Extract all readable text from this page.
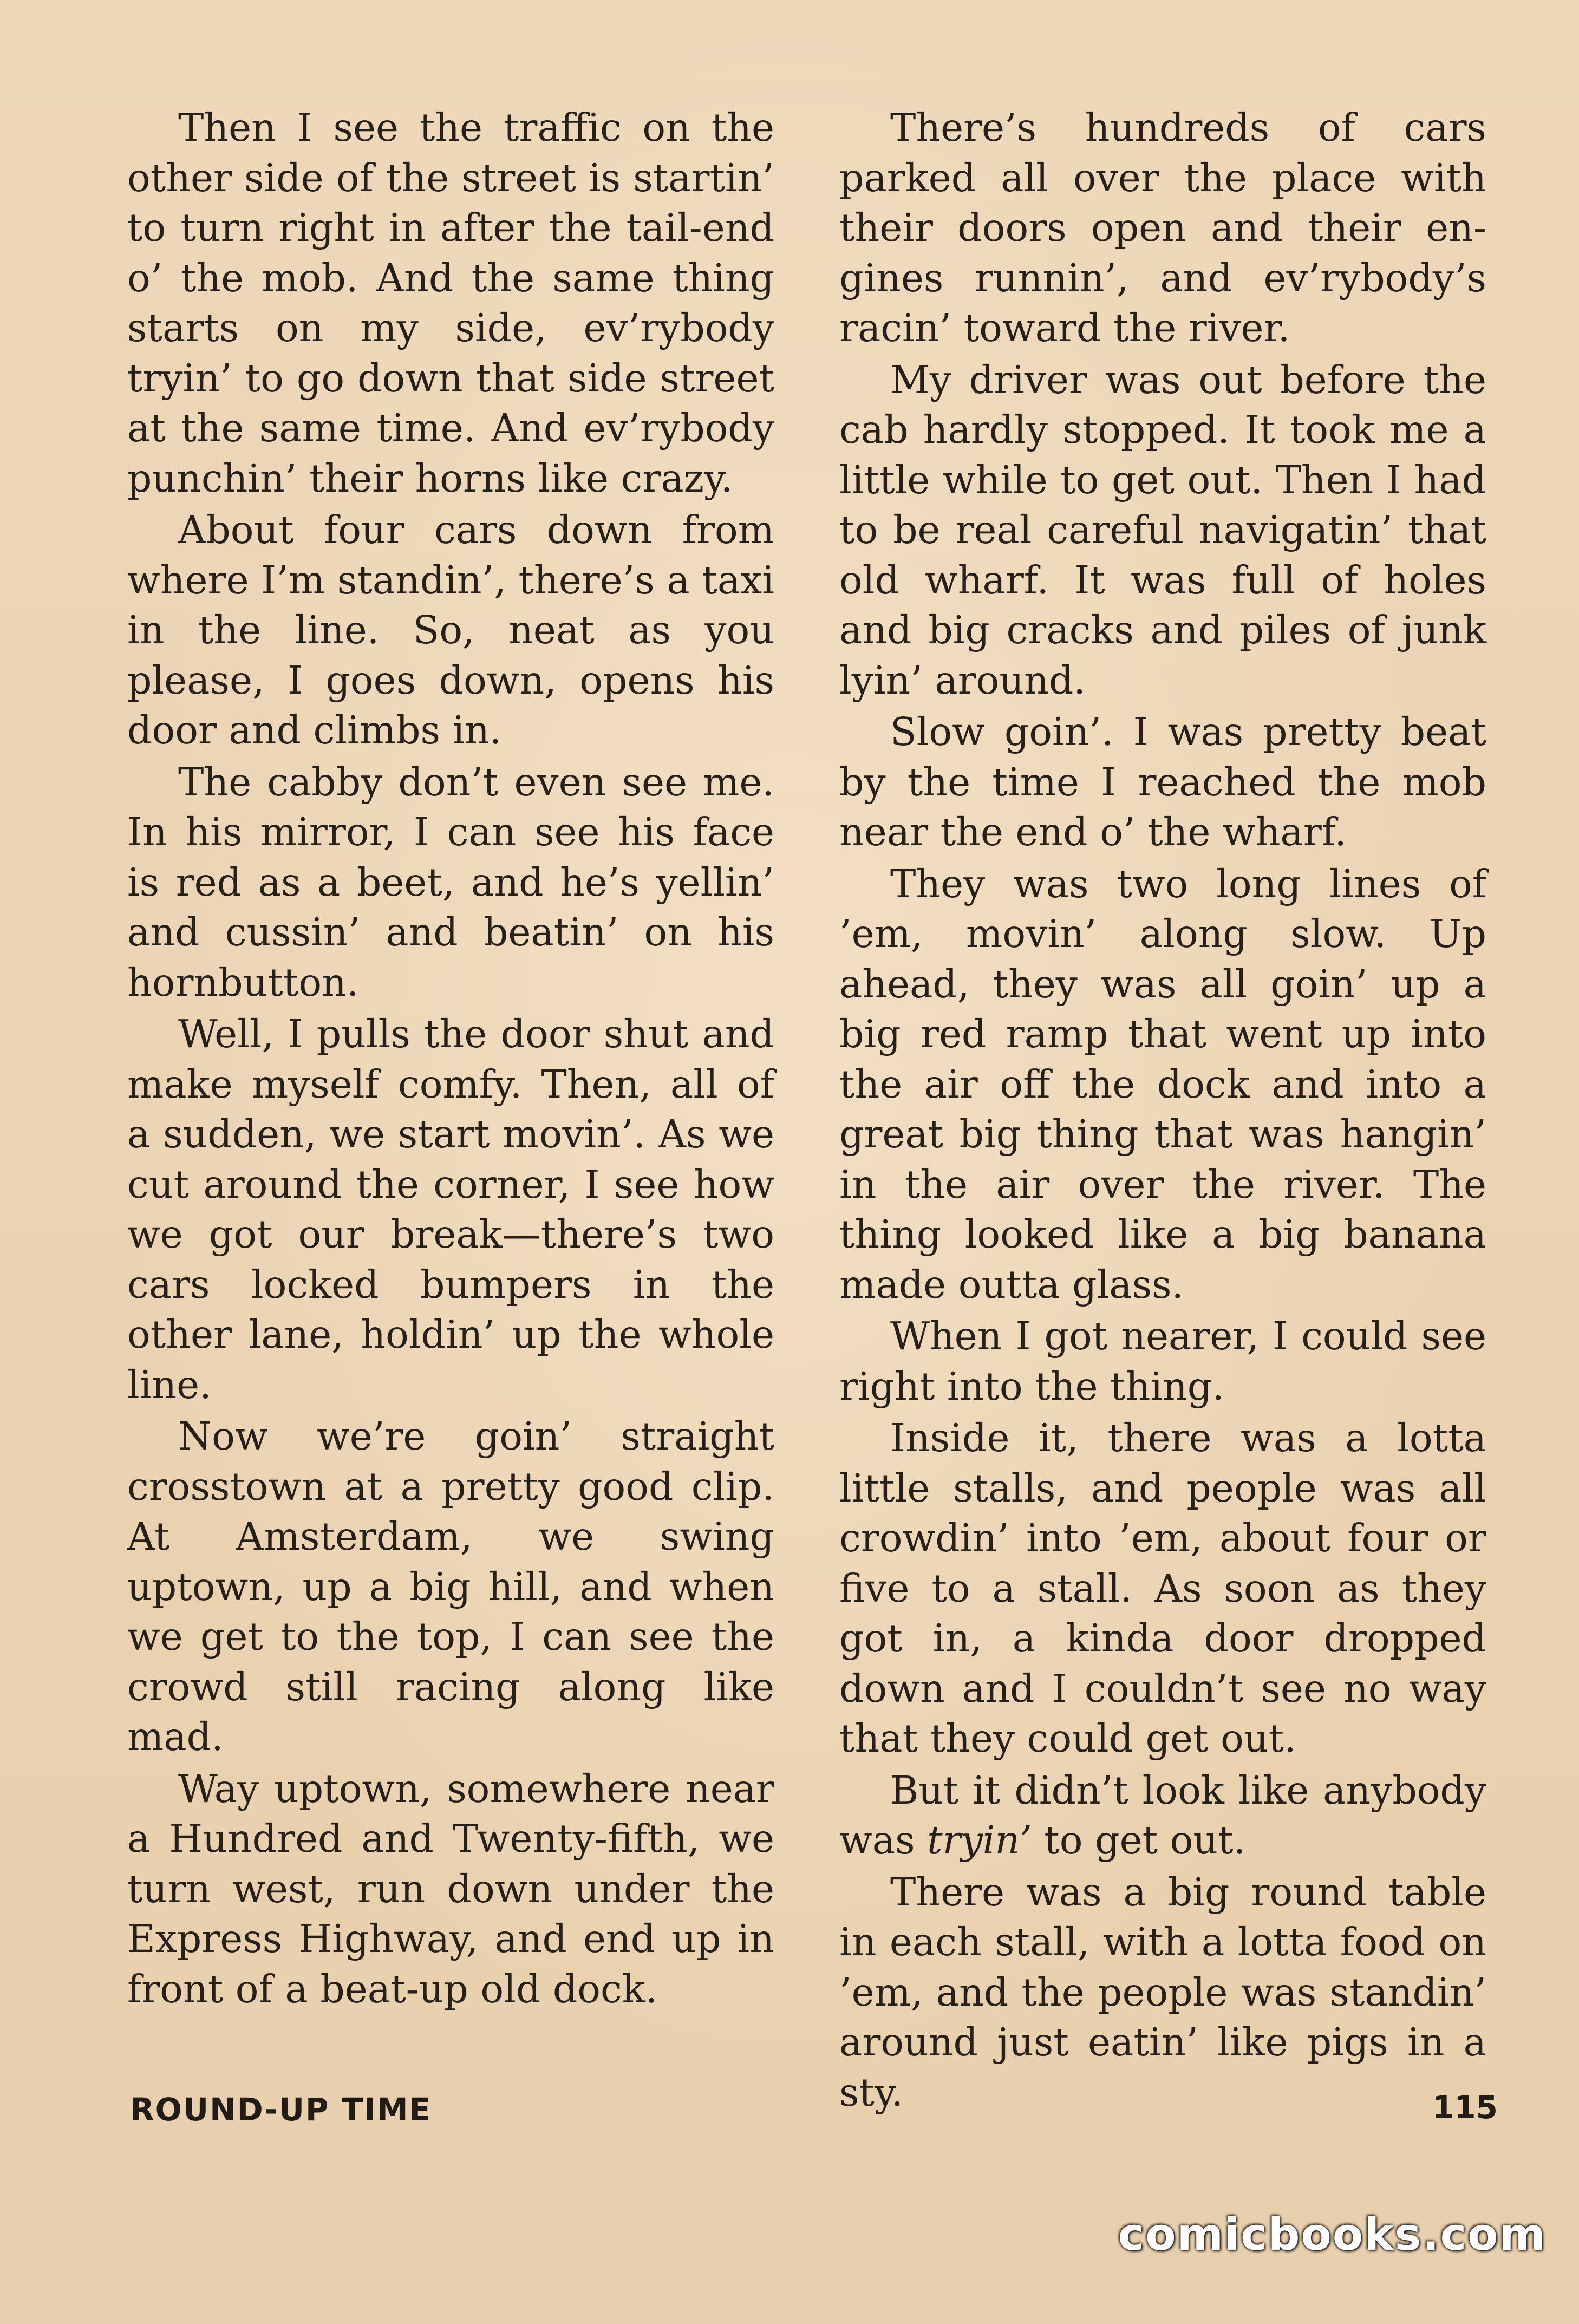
Then I see the traffic on the other side of the street is startin’ to turn right in after the tail-end o’ the mob. And the same thing starts on my side, ev’rybody tryin’ to go down that side street at the same time. And ev’rybody punchin’ their horns like crazy.

About four cars down from where I’m standin’, there’s a taxi in the line. So, neat as you please, I goes down, opens his door and climbs in.

The cabby don’t even see me. In his mirror, I can see his face is red as a beet, and he’s yellin’ and cussin’ and beatin’ on his hornbutton.

Well, I pulls the door shut and make myself comfy. Then, all of a sudden, we start movin’. As we cut around the corner, I see how we got our break—there’s two cars locked bumpers in the other lane, holdin’ up the whole line.

Now we’re goin’ straight crosstown at a pretty good clip. At Amsterdam, we swing uptown, up a big hill, and when we get to the top, I can see the crowd still racing along like mad.

Way uptown, somewhere near a Hundred and Twenty-fifth, we turn west, run down under the Express Highway, and end up in front of a beat-up old dock.

There’s hundreds of cars parked all over the place with their doors open and their engines runnin’, and ev’rybody’s racin’ toward the river.

My driver was out before the cab hardly stopped. It took me a little while to get out. Then I had to be real careful navigatin’ that old wharf. It was full of holes and big cracks and piles of junk lyin’ around.

Slow goin’. I was pretty beat by the time I reached the mob near the end o’ the wharf.

They was two long lines of ’em, movin’ along slow. Up ahead, they was all goin’ up a big red ramp that went up into the air off the dock and into a great big thing that was hangin’ in the air over the river. The thing looked like a big banana made outta glass.

When I got nearer, I could see right into the thing.

Inside it, there was a lotta little stalls, and people was all crowdin’ into ’em, about four or five to a stall. As soon as they got in, a kinda door dropped down and I couldn’t see no way that they could get out.

But it didn’t look like anybody was tryin’ to get out.

There was a big round table in each stall, with a lotta food on ’em, and the people was standin’ around just eatin’ like pigs in a sty.

ROUND-UP TIME	115
comicbooks.com
